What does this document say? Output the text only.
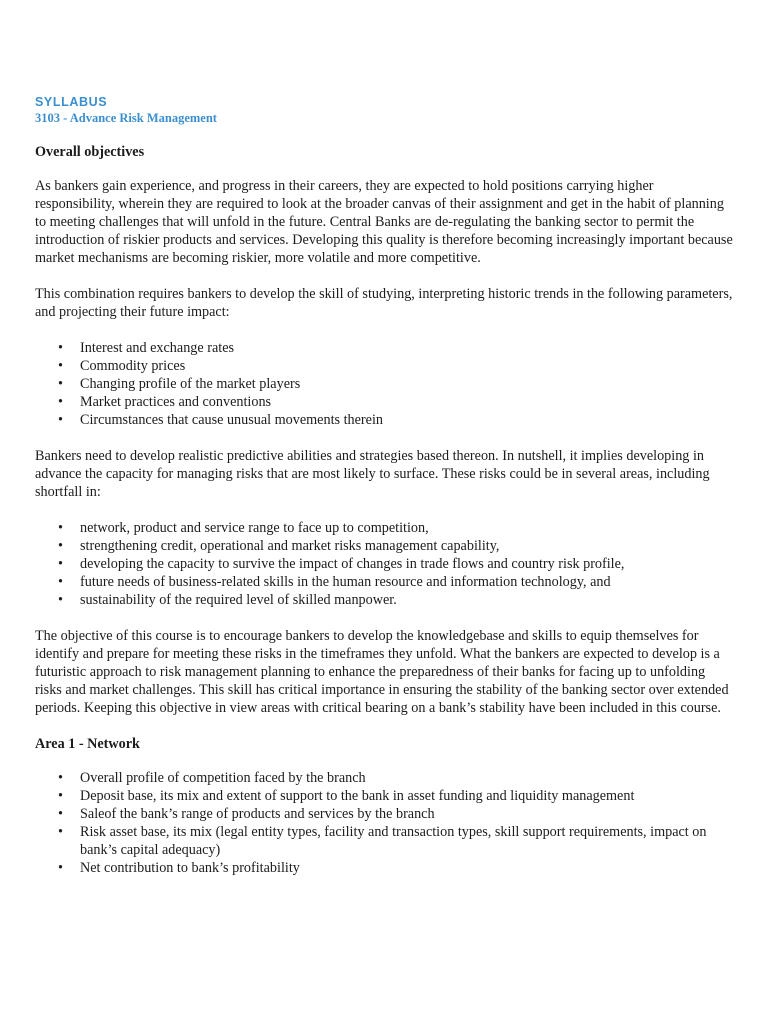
SYLLABUS
3103 - Advance Risk Management
Overall objectives

As bankers gain experience, and progress in their careers, they are expected to hold positions carrying higher responsibility, wherein they are required to look at the broader canvas of their assignment and get in the habit of planning to meeting challenges that will unfold in the future. Central Banks are de-regulating the banking sector to permit the introduction of riskier products and services. Developing this quality is therefore becoming increasingly important because market mechanisms are becoming riskier, more volatile and more competitive.

This combination requires bankers to develop the skill of studying, interpreting historic trends in the following parameters, and projecting their future impact:

• Interest and exchange rates
• Commodity prices
• Changing profile of the market players
• Market practices and conventions
• Circumstances that cause unusual movements therein

Bankers need to develop realistic predictive abilities and strategies based thereon. In nutshell, it implies developing in advance the capacity for managing risks that are most likely to surface. These risks could be in several areas, including shortfall in:

• network, product and service range to face up to competition,
• strengthening credit, operational and market risks management capability,
• developing the capacity to survive the impact of changes in trade flows and country risk profile,
• future needs of business-related skills in the human resource and information technology, and
• sustainability of the required level of skilled manpower.

The objective of this course is to encourage bankers to develop the knowledgebase and skills to equip themselves for identify and prepare for meeting these risks in the timeframes they unfold. What the bankers are expected to develop is a futuristic approach to risk management planning to enhance the preparedness of their banks for facing up to unfolding risks and market challenges. This skill has critical importance in ensuring the stability of the banking sector over extended periods. Keeping this objective in view areas with critical bearing on a bank’s stability have been included in this course.

Area 1 - Network
• Overall profile of competition faced by the branch
• Deposit base, its mix and extent of support to the bank in asset funding and liquidity management
• Saleof the bank’s range of products and services by the branch
• Risk asset base, its mix (legal entity types, facility and transaction types, skill support requirements, impact on bank’s capital adequacy)
• Net contribution to bank’s profitability
